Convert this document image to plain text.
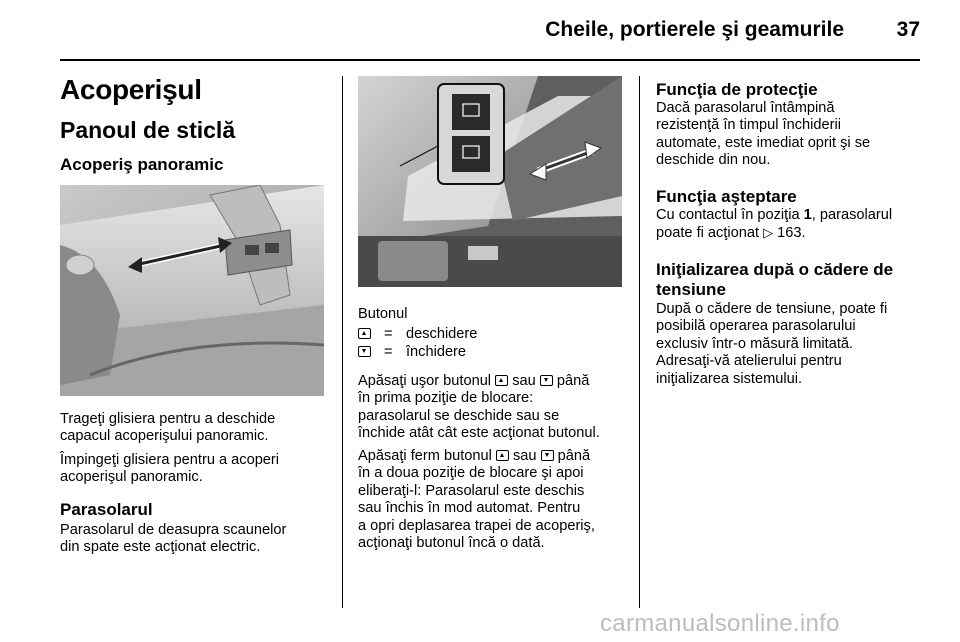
Cheile, portierele şi geamurile	37
Acoperişul
Panoul de sticlă
Acoperiş panoramic
Trageţi glisiera pentru a deschide
capacul acoperişului panoramic.
Împingeţi glisiera pentru a acoperi
acoperişul panoramic.
Parasolarul
Parasolarul de deasupra scaunelor
din spate este acţionat electric.
Butonul
= deschidere
= închidere
Apăsaţi uşor butonul sau până
în prima poziţie de blocare:
parasolarul se deschide sau se
închide atât cât este acţionat butonul.
Apăsaţi ferm butonul sau până
în a doua poziţie de blocare şi apoi
eliberaţi-l: Parasolarul este deschis
sau închis în mod automat. Pentru
a opri deplasarea trapei de acoperiş,
acţionaţi butonul încă o dată.
Funcţia de protecţie
Dacă parasolarul întâmpină
rezistenţă în timpul închiderii
automate, este imediat oprit şi se
deschide din nou.
Funcţia aşteptare
Cu contactul în poziţia 1, parasolarul
poate fi acţionat ▷ 163.
Iniţializarea după o cădere de
tensiune
După o cădere de tensiune, poate fi
posibilă operarea parasolarului
exclusiv într-o măsură limitată.
Adresaţi-vă atelierului pentru
iniţializarea sistemului.
carmanualsonline.info
